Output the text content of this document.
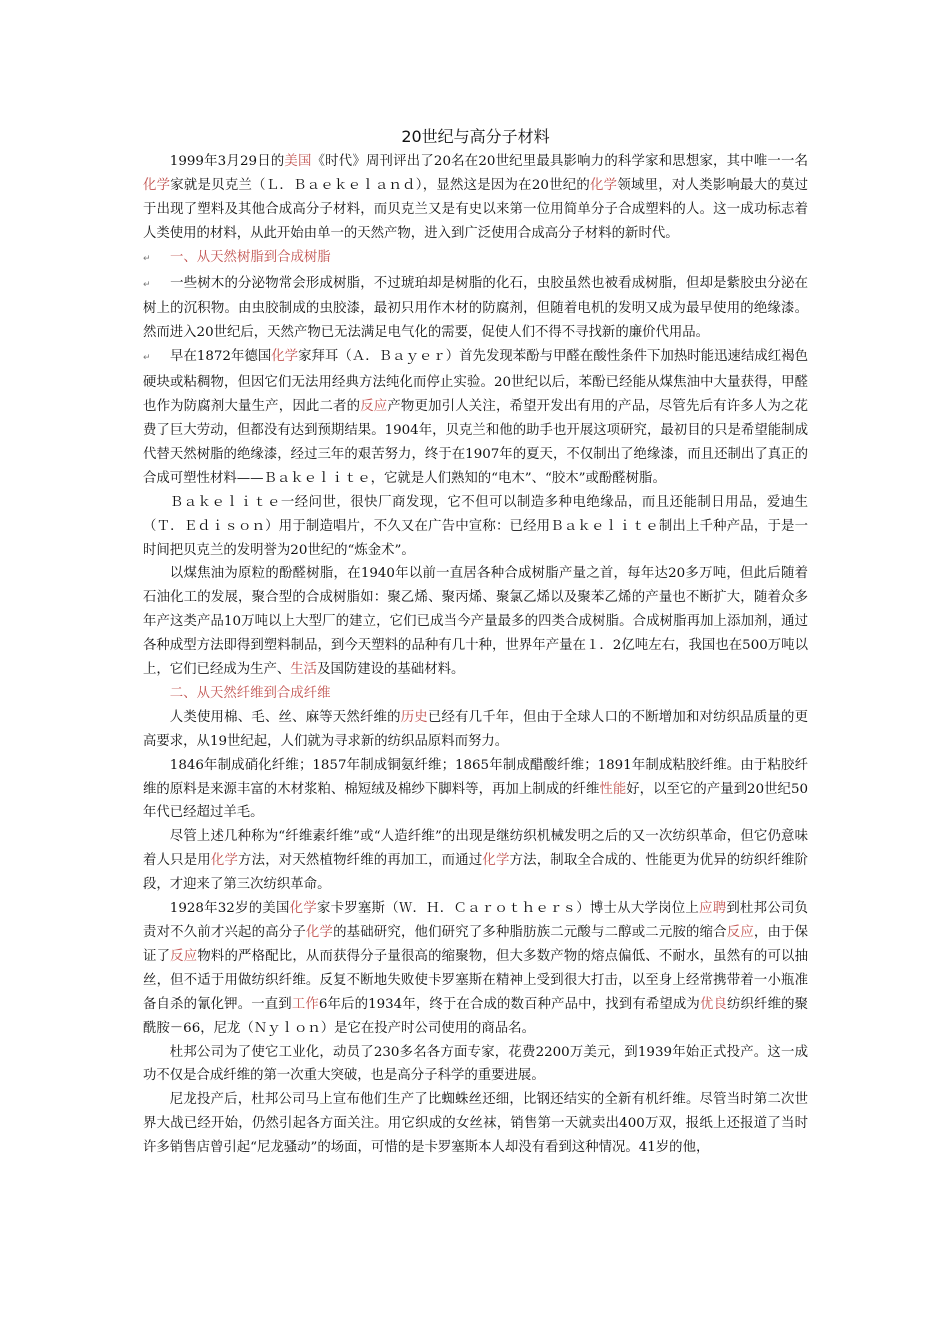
20世纪与高分子材料

1999年3月29日的美国《时代》周刊评出了20名在20世纪里最具影响力的科学家和思想家，其中唯一一名化学家就是贝克兰（Ｌ．Ｂａｅｋｅｌａｎｄ），显然这是因为在20世纪的化学领域里，对人类影响最大的莫过于出现了塑料及其他合成高分子材料，而贝克兰又是有史以来第一位用简单分子合成塑料的人。这一成功标志着人类使用的材料，从此开始由单一的天然产物，进入到广泛使用合成高分子材料的新时代。

↵ 一、从天然树脂到合成树脂

↵ 一些树木的分泌物常会形成树脂，不过琥珀却是树脂的化石，虫胶虽然也被看成树脂，但却是紫胶虫分泌在树上的沉积物。由虫胶制成的虫胶漆，最初只用作木材的防腐剂，但随着电机的发明又成为最早使用的绝缘漆。然而进入20世纪后，天然产物已无法满足电气化的需要，促使人们不得不寻找新的廉价代用品。

↵ 早在1872年德国化学家拜耳（Ａ．Ｂａｙｅｒ）首先发现苯酚与甲醛在酸性条件下加热时能迅速结成红褐色硬块或粘稠物，但因它们无法用经典方法纯化而停止实验。20世纪以后，苯酚已经能从煤焦油中大量获得，甲醛也作为防腐剂大量生产，因此二者的反应产物更加引人关注，希望开发出有用的产品，尽管先后有许多人为之花费了巨大劳动，但都没有达到预期结果。1904年，贝克兰和他的助手也开展这项研究，最初目的只是希望能制成代替天然树脂的绝缘漆，经过三年的艰苦努力，终于在1907年的夏天，不仅制出了绝缘漆，而且还制出了真正的合成可塑性材料——Ｂａｋｅｌｉｔｅ，它就是人们熟知的“电木”、“胶木”或酚醛树脂。

Ｂａｋｅｌｉｔｅ一经问世，很快厂商发现，它不但可以制造多种电绝缘品，而且还能制日用品，爱迪生（Ｔ．Ｅｄｉｓｏｎ）用于制造唱片，不久又在广告中宣称：已经用Ｂａｋｅｌｉｔｅ制出上千种产品，于是一时间把贝克兰的发明誉为20世纪的“炼金术”。

以煤焦油为原粒的酚醛树脂，在1940年以前一直居各种合成树脂产量之首，每年达20多万吨，但此后随着石油化工的发展，聚合型的合成树脂如：聚乙烯、聚丙烯、聚氯乙烯以及聚苯乙烯的产量也不断扩大，随着众多年产这类产品10万吨以上大型厂的建立，它们已成当今产量最多的四类合成树脂。合成树脂再加上添加剂，通过各种成型方法即得到塑料制品，到今天塑料的品种有几十种，世界年产量在１．2亿吨左右，我国也在500万吨以上，它们已经成为生产、生活及国防建设的基础材料。

二、从天然纤维到合成纤维

人类使用棉、毛、丝、麻等天然纤维的历史已经有几千年，但由于全球人口的不断增加和对纺织品质量的更高要求，从19世纪起，人们就为寻求新的纺织品原料而努力。

1846年制成硝化纤维；1857年制成铜氨纤维；1865年制成醋酸纤维；1891年制成粘胶纤维。由于粘胶纤维的原料是来源丰富的木材浆粕、棉短绒及棉纱下脚料等，再加上制成的纤维性能好，以至它的产量到20世纪50年代已经超过羊毛。

尽管上述几种称为“纤维素纤维”或“人造纤维”的出现是继纺织机械发明之后的又一次纺织革命，但它仍意味着人只是用化学方法，对天然植物纤维的再加工，而通过化学方法，制取全合成的、性能更为优异的纺织纤维阶段，才迎来了第三次纺织革命。

1928年32岁的美国化学家卡罗塞斯（Ｗ．Ｈ．Ｃａｒｏｔｈｅｒｓ）博士从大学岗位上应聘到杜邦公司负责对不久前才兴起的高分子化学的基础研究，他们研究了多种脂肪族二元酸与二醇或二元胺的缩合反应，由于保证了反应物料的严格配比，从而获得分子量很高的缩聚物，但大多数产物的熔点偏低、不耐水，虽然有的可以抽丝，但不适于用做纺织纤维。反复不断地失败使卡罗塞斯在精神上受到很大打击，以至身上经常携带着一小瓶准备自杀的氰化钾。一直到工作6年后的1934年，终于在合成的数百种产品中，找到有希望成为优良纺织纤维的聚酰胺－66，尼龙（Ｎｙｌｏｎ）是它在投产时公司使用的商品名。

杜邦公司为了使它工业化，动员了230多名各方面专家，花费2200万美元，到1939年始正式投产。这一成功不仅是合成纤维的第一次重大突破，也是高分子科学的重要进展。

尼龙投产后，杜邦公司马上宣布他们生产了比蜘蛛丝还细，比钢还结实的全新有机纤维。尽管当时第二次世界大战已经开始，仍然引起各方面关注。用它织成的女丝袜，销售第一天就卖出400万双，报纸上还报道了当时许多销售店曾引起“尼龙骚动”的场面，可惜的是卡罗塞斯本人却没有看到这种情况。41岁的他，
